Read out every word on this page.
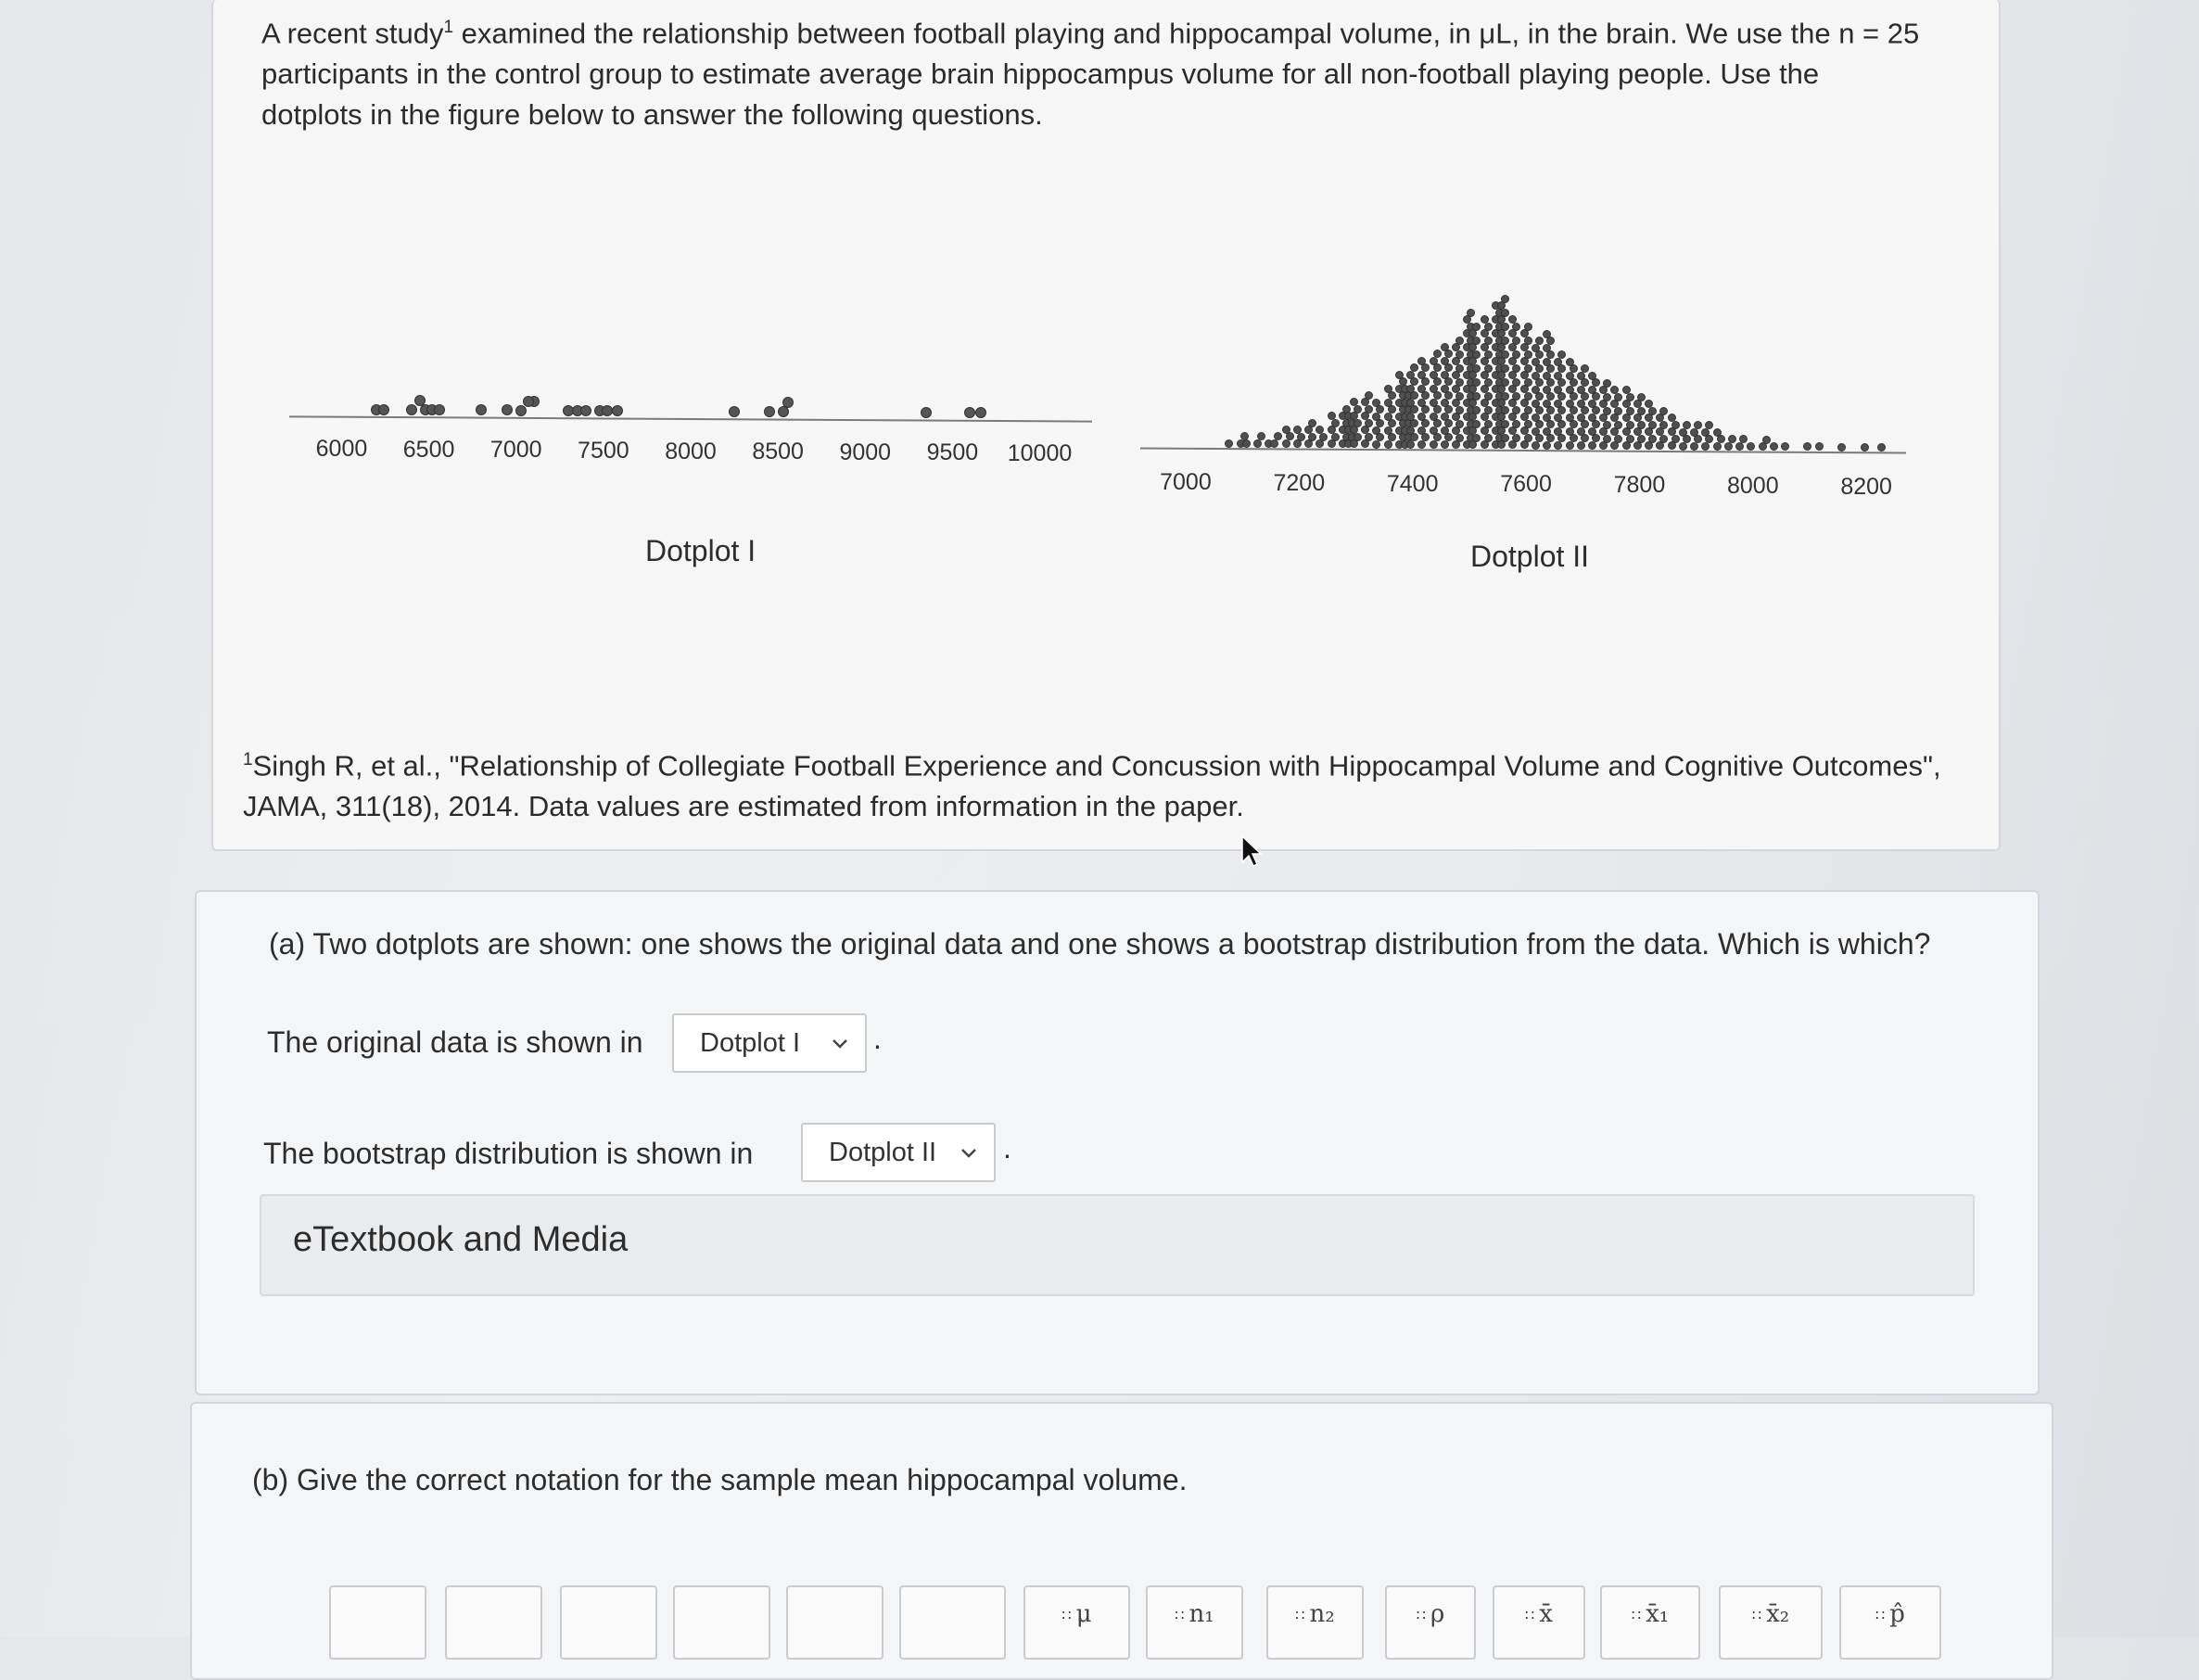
A recent study$^1$ examined the relationship between football playing and hippocampal volume, in μL, in the brain. We use the n = 25 participants in the control group to estimate average brain hippocampus volume for all non-football playing people. Use the dotplots in the figure below to answer the following questions.

6000 6500 7000 7500 8000 8500 9000 9500 10000
Dotplot I
7000	7200	7400	7600	7800	8000	8200
Dotplot II

$^1$Singh R, et al., "Relationship of Collegiate Football Experience and Concussion with Hippocampal Volume and Cognitive Outcomes", JAMA, 311(18), 2014. Data values are estimated from information in the paper.

(a) Two dotplots are shown: one shows the original data and one shows a bootstrap distribution from the data. Which is which?
The original data is shown in Dotplot I .
The bootstrap distribution is shown in	Dotplot II .
eTextbook and Media
(b) Give the correct notation for the sample mean hippocampal volume.
∷ μ	∷ n₁	∷ n₂	∷ ρ	∷ x̄	∷ x̄₁	∷ x̄₂	∷ p̂
